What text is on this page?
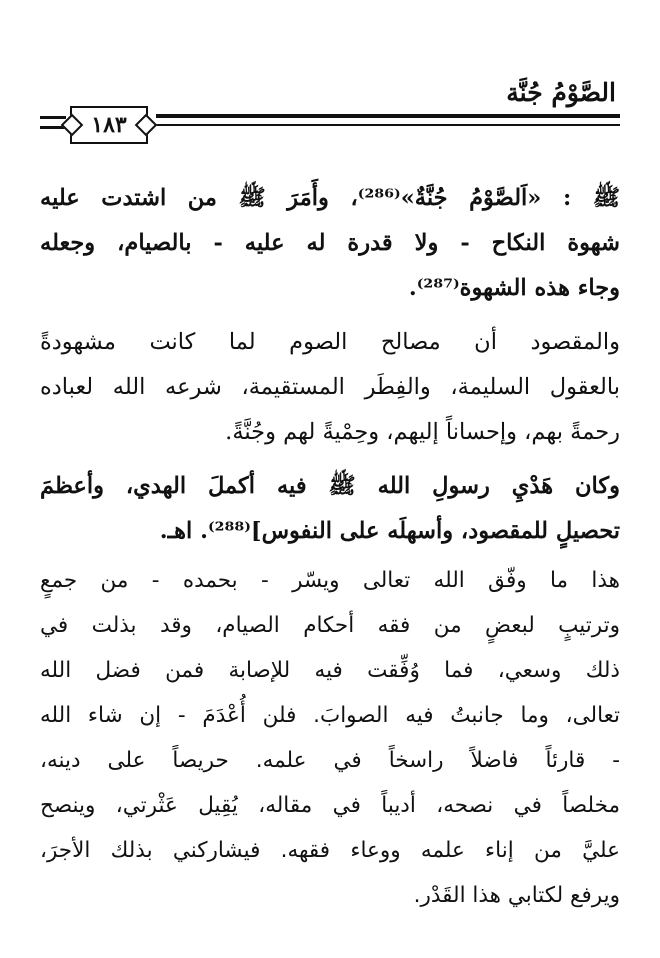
الصَّوْمُ جُنَّة
١٨٣

ﷺ : «اَلصَّوْمُ جُنَّةٌ»⁽²⁸⁶⁾، وأَمَرَ ﷺ من اشتدت عليه
شهوة النكاح - ولا قدرة له عليه - بالصيام، وجعله
وجاء هذه الشهوة⁽²⁸⁷⁾.

والمقصود أن مصالح الصوم لما كانت مشهودةً
بالعقول السليمة، والفِطَر المستقيمة، شرعه الله لعباده
رحمةً بهم، وإحساناً إليهم، وحِمْيةً لهم وجُنَّةً.

وكان هَدْيِ رسولِ الله ﷺ فيه أكملَ الهدي، وأعظمَ
تحصيلٍ للمقصود، وأسهلَه على النفوس]⁽²⁸⁸⁾. اهـ.

هذا ما وفّق الله تعالى ويسّر - بحمده - من جمعٍ
وترتيبٍ لبعضٍ من فقه أحكام الصيام، وقد بذلت في
ذلك وسعي، فما وُفِّقت فيه للإصابة فمن فضل الله
تعالى، وما جانبتُ فيه الصوابَ. فلن أُعْدَمَ - إن شاء الله
- قارئاً فاضلاً راسخاً في علمه. حريصاً على دينه،
مخلصاً في نصحه، أديباً في مقاله، يُقِيل عَثْرتي، وينصح
عليَّ من إناء علمه ووعاء فقهه. فيشاركني بذلك الأجرَ،
ويرفع لكتابي هذا القَدْر.
